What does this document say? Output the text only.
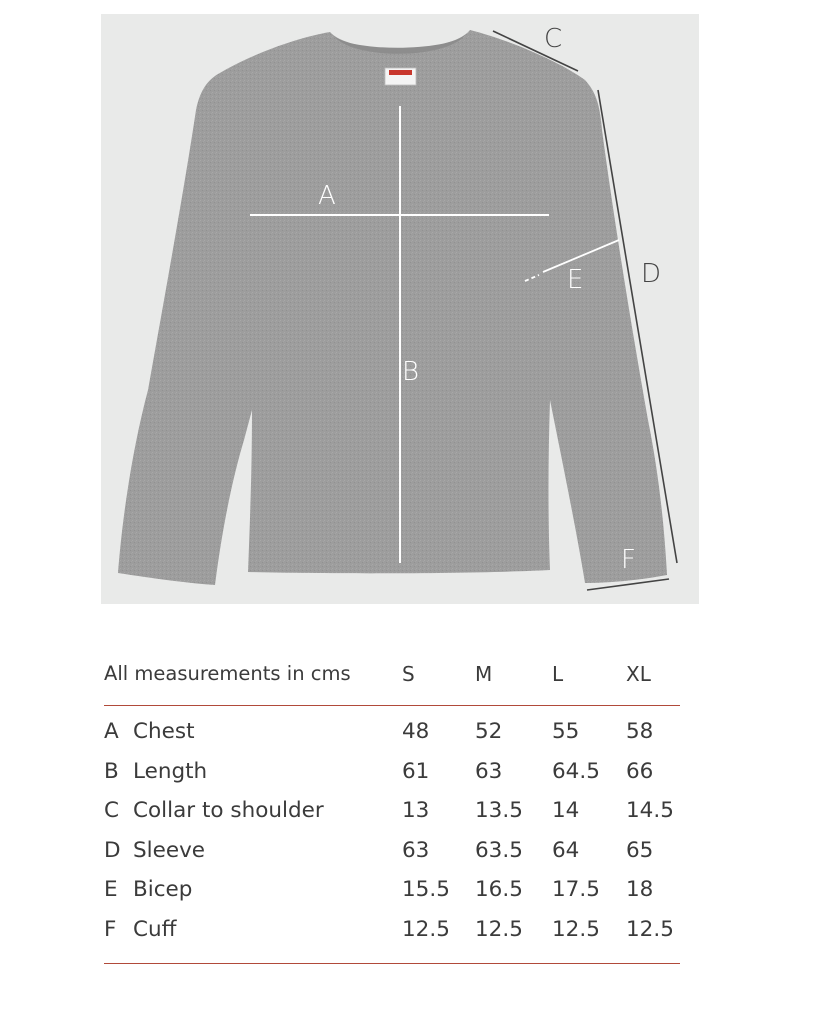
A
B
E
F
C
D
All measurements in cms	S	M	L	XL
A Chest	48 52 55 58
B Length	61 63 64.5 66
C Collar to shoulder	13 13.5 14 14.5
D Sleeve	63 63.5 64 65
E Bicep	15.5 16.5 17.5 18
F Cuff	12.5 12.5 12.5 12.5
